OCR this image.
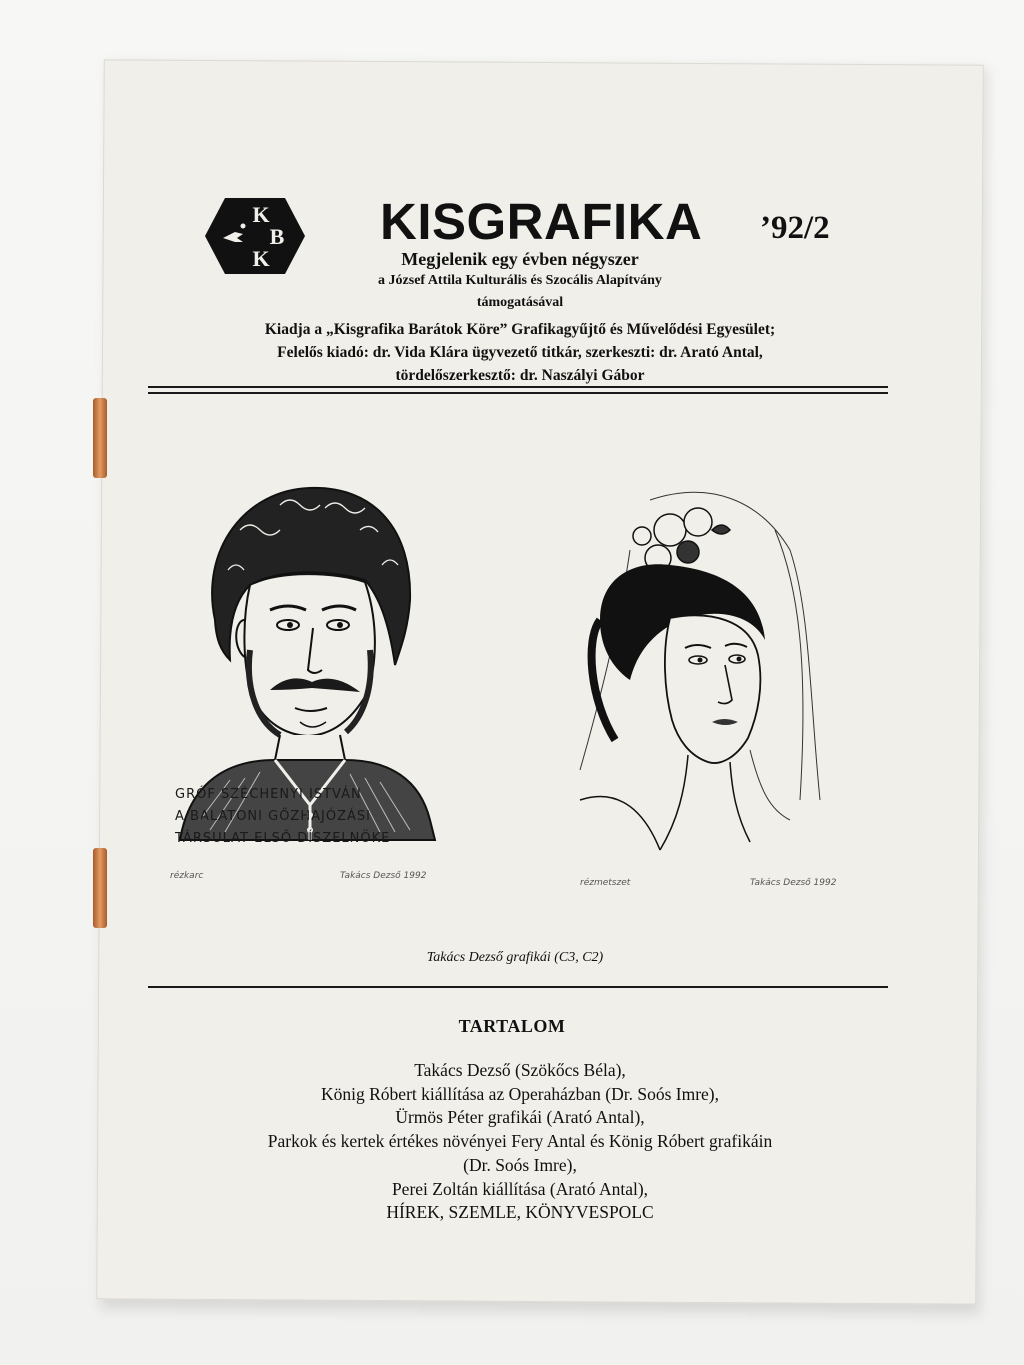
K
B
K
KISGRAFIKA ’92/2
Megjelenik egy évben négyszer
a József Attila Kulturális és Szocális Alapítvány
támogatásával
Kiadja a „Kisgrafika Barátok Köre” Grafikagyűjtő és Művelődési Egyesület;
Felelős kiadó: dr. Vida Klára ügyvezető titkár, szerkeszti: dr. Arató Antal,
tördelőszerkesztő: dr. Naszályi Gábor
GRÓF SZÉCHENYI ISTVÁN
A BALATONI GŐZHAJÓZÁSI
TÁRSULAT ELSŐ DÍSZELNÖKE
rézkarc	Takács Dezső 1992
rézmetszet	Takács Dezső 1992
Takács Dezső grafikái (C3, C2)
TARTALOM
Takács Dezső (Szökőcs Béla),
König Róbert kiállítása az Operaházban (Dr. Soós Imre),
Ürmös Péter grafikái (Arató Antal),
Parkok és kertek értékes növényei Fery Antal és König Róbert grafikáin
(Dr. Soós Imre),
Perei Zoltán kiállítása (Arató Antal),
HÍREK, SZEMLE, KÖNYVESPOLC
